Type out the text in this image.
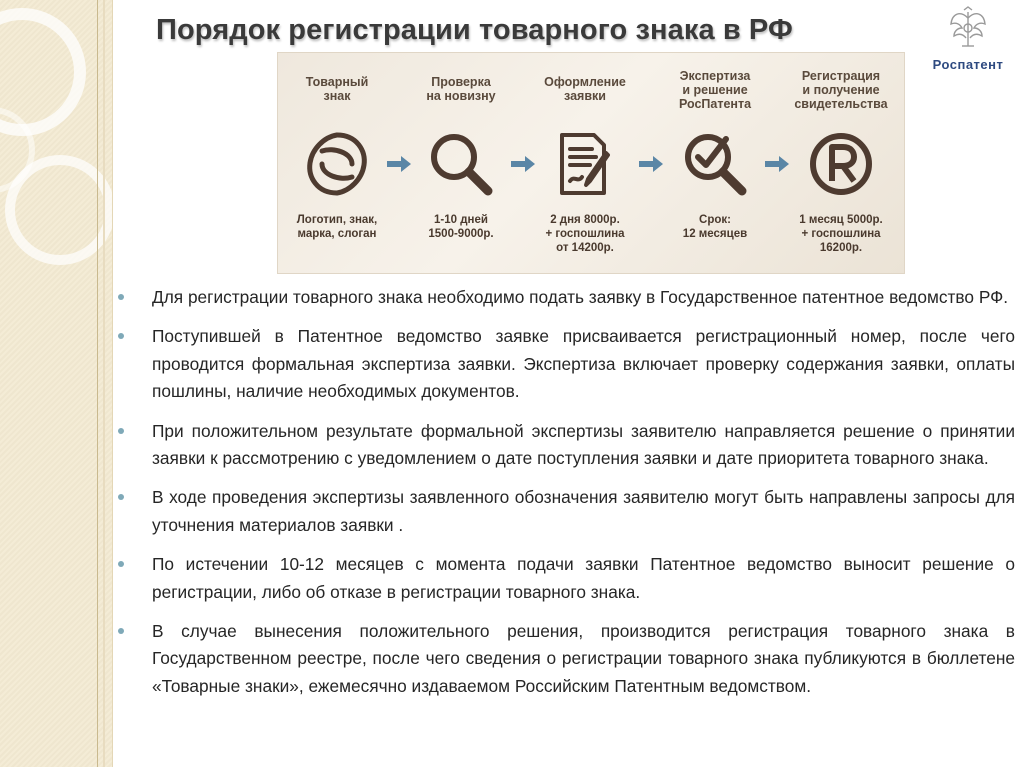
Порядок регистрации товарного знака в РФ
Роспатент
Товарный
знак
Логотип, знак,
марка, слоган
Проверка
на новизну
1-10 дней
1500-9000р.
Оформление
заявки
2 дня 8000р.
+ госпошлина
от 14200р.
Экспертиза
и решение
РосПатента
Срок:
12 месяцев
Регистрация
и получение
свидетельства
1 месяц 5000р.
+ госпошлина
16200р.
Для регистрации товарного знака необходимо подать заявку в Государственное патентное ведомство РФ.
Поступившей в Патентное ведомство заявке присваивается регистрационный номер, после чего проводится формальная экспертиза заявки. Экспертиза включает проверку содержания заявки, оплаты пошлины, наличие необходимых документов.
При положительном результате формальной экспертизы заявителю направляется решение о принятии заявки к рассмотрению с уведомлением о дате поступления заявки и дате приоритета товарного знака.
В ходе проведения экспертизы заявленного обозначения заявителю могут быть направлены запросы для уточнения материалов заявки .
По истечении 10-12 месяцев с момента подачи заявки Патентное ведомство выносит решение о регистрации, либо об отказе в регистрации товарного знака.
В случае вынесения положительного решения, производится регистрация товарного знака в Государственном реестре, после чего сведения о регистрации товарного знака публикуются в бюллетене «Товарные знаки», ежемесячно издаваемом Российским Патентным ведомством.
